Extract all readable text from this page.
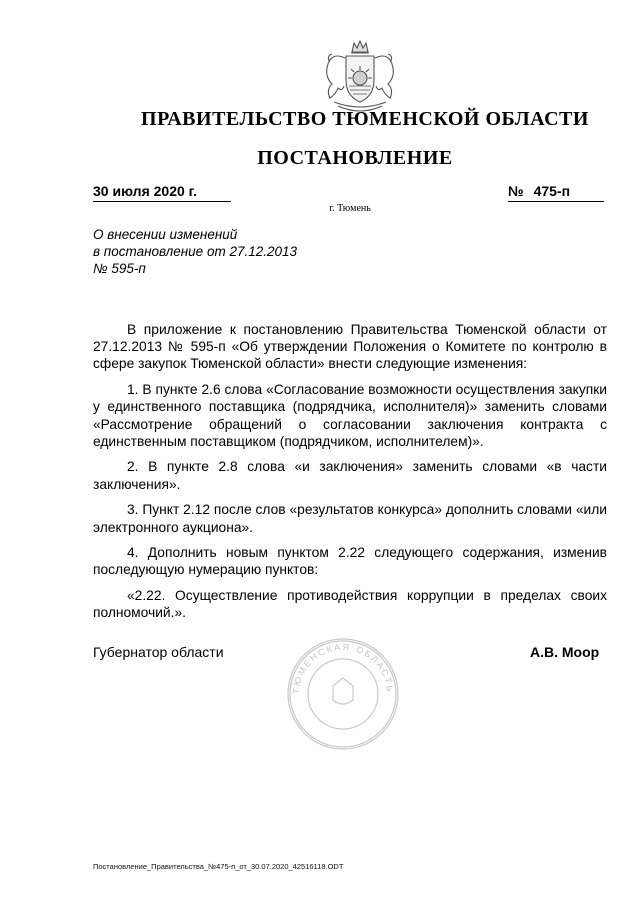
ПРАВИТЕЛЬСТВО ТЮМЕНСКОЙ ОБЛАСТИ
ПОСТАНОВЛЕНИЕ
30 июля 2020 г.	№ 475-п
г. Тюмень
О внесении изменений
в постановление от 27.12.2013
№ 595-п

В приложение к постановлению Правительства Тюменской области от 27.12.2013 № 595-п «Об утверждении Положения о Комитете по контролю в сфере закупок Тюменской области» внести следующие изменения:

1. В пункте 2.6 слова «Согласование возможности осуществления закупки у единственного поставщика (подрядчика, исполнителя)» заменить словами «Рассмотрение обращений о согласовании заключения контракта с единственным поставщиком (подрядчиком, исполнителем)».

2. В пункте 2.8 слова «и заключения» заменить словами «в части заключения».

3. Пункт 2.12 после слов «результатов конкурса» дополнить словами «или электронного аукциона».

4. Дополнить новым пунктом 2.22 следующего содержания, изменив последующую нумерацию пунктов:

«2.22. Осуществление противодействия коррупции в пределах своих полномочий.».

ТЮМЕНСКАЯ ОБЛАСТЬ
Губернатор области	А.В. Моор
Постановление_Правительства_№475-п_от_30.07.2020_42516118.ODT
